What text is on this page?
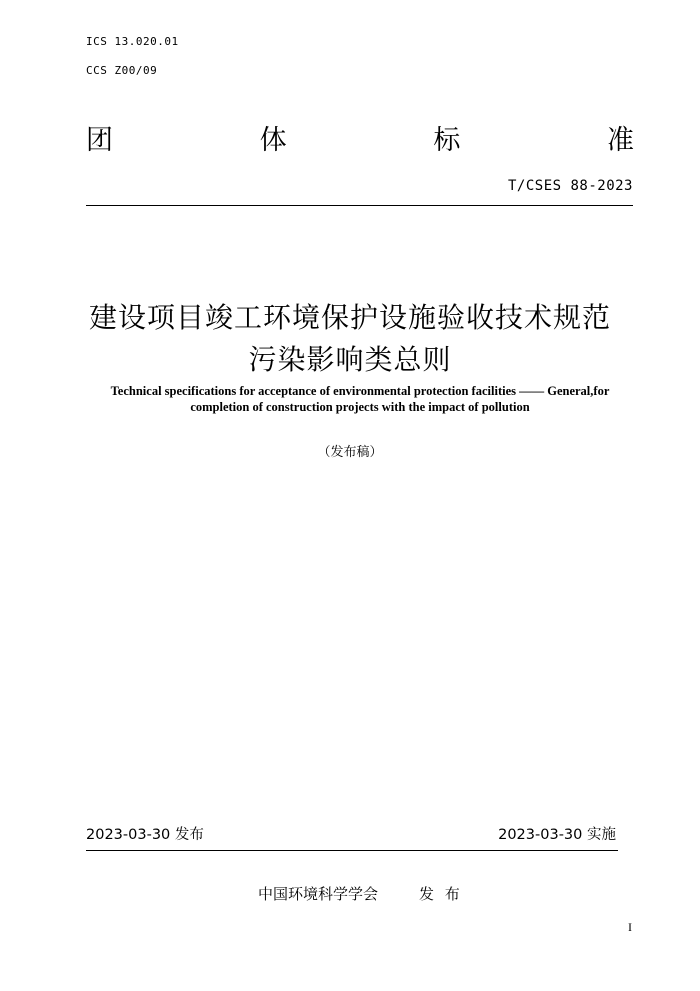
ICS 13.020.01
CCS Z00/09
团	体	标	准
T/CSES 88-2023
建设项目竣工环境保护设施验收技术规范
污染影响类总则
Technical specifications for acceptance of environmental protection facilities —— General,for
completion of construction projects with the impact of pollution
（发布稿）
2023-03-30 发布	2023-03-30 实施
中国环境科学学会	发 布
I
